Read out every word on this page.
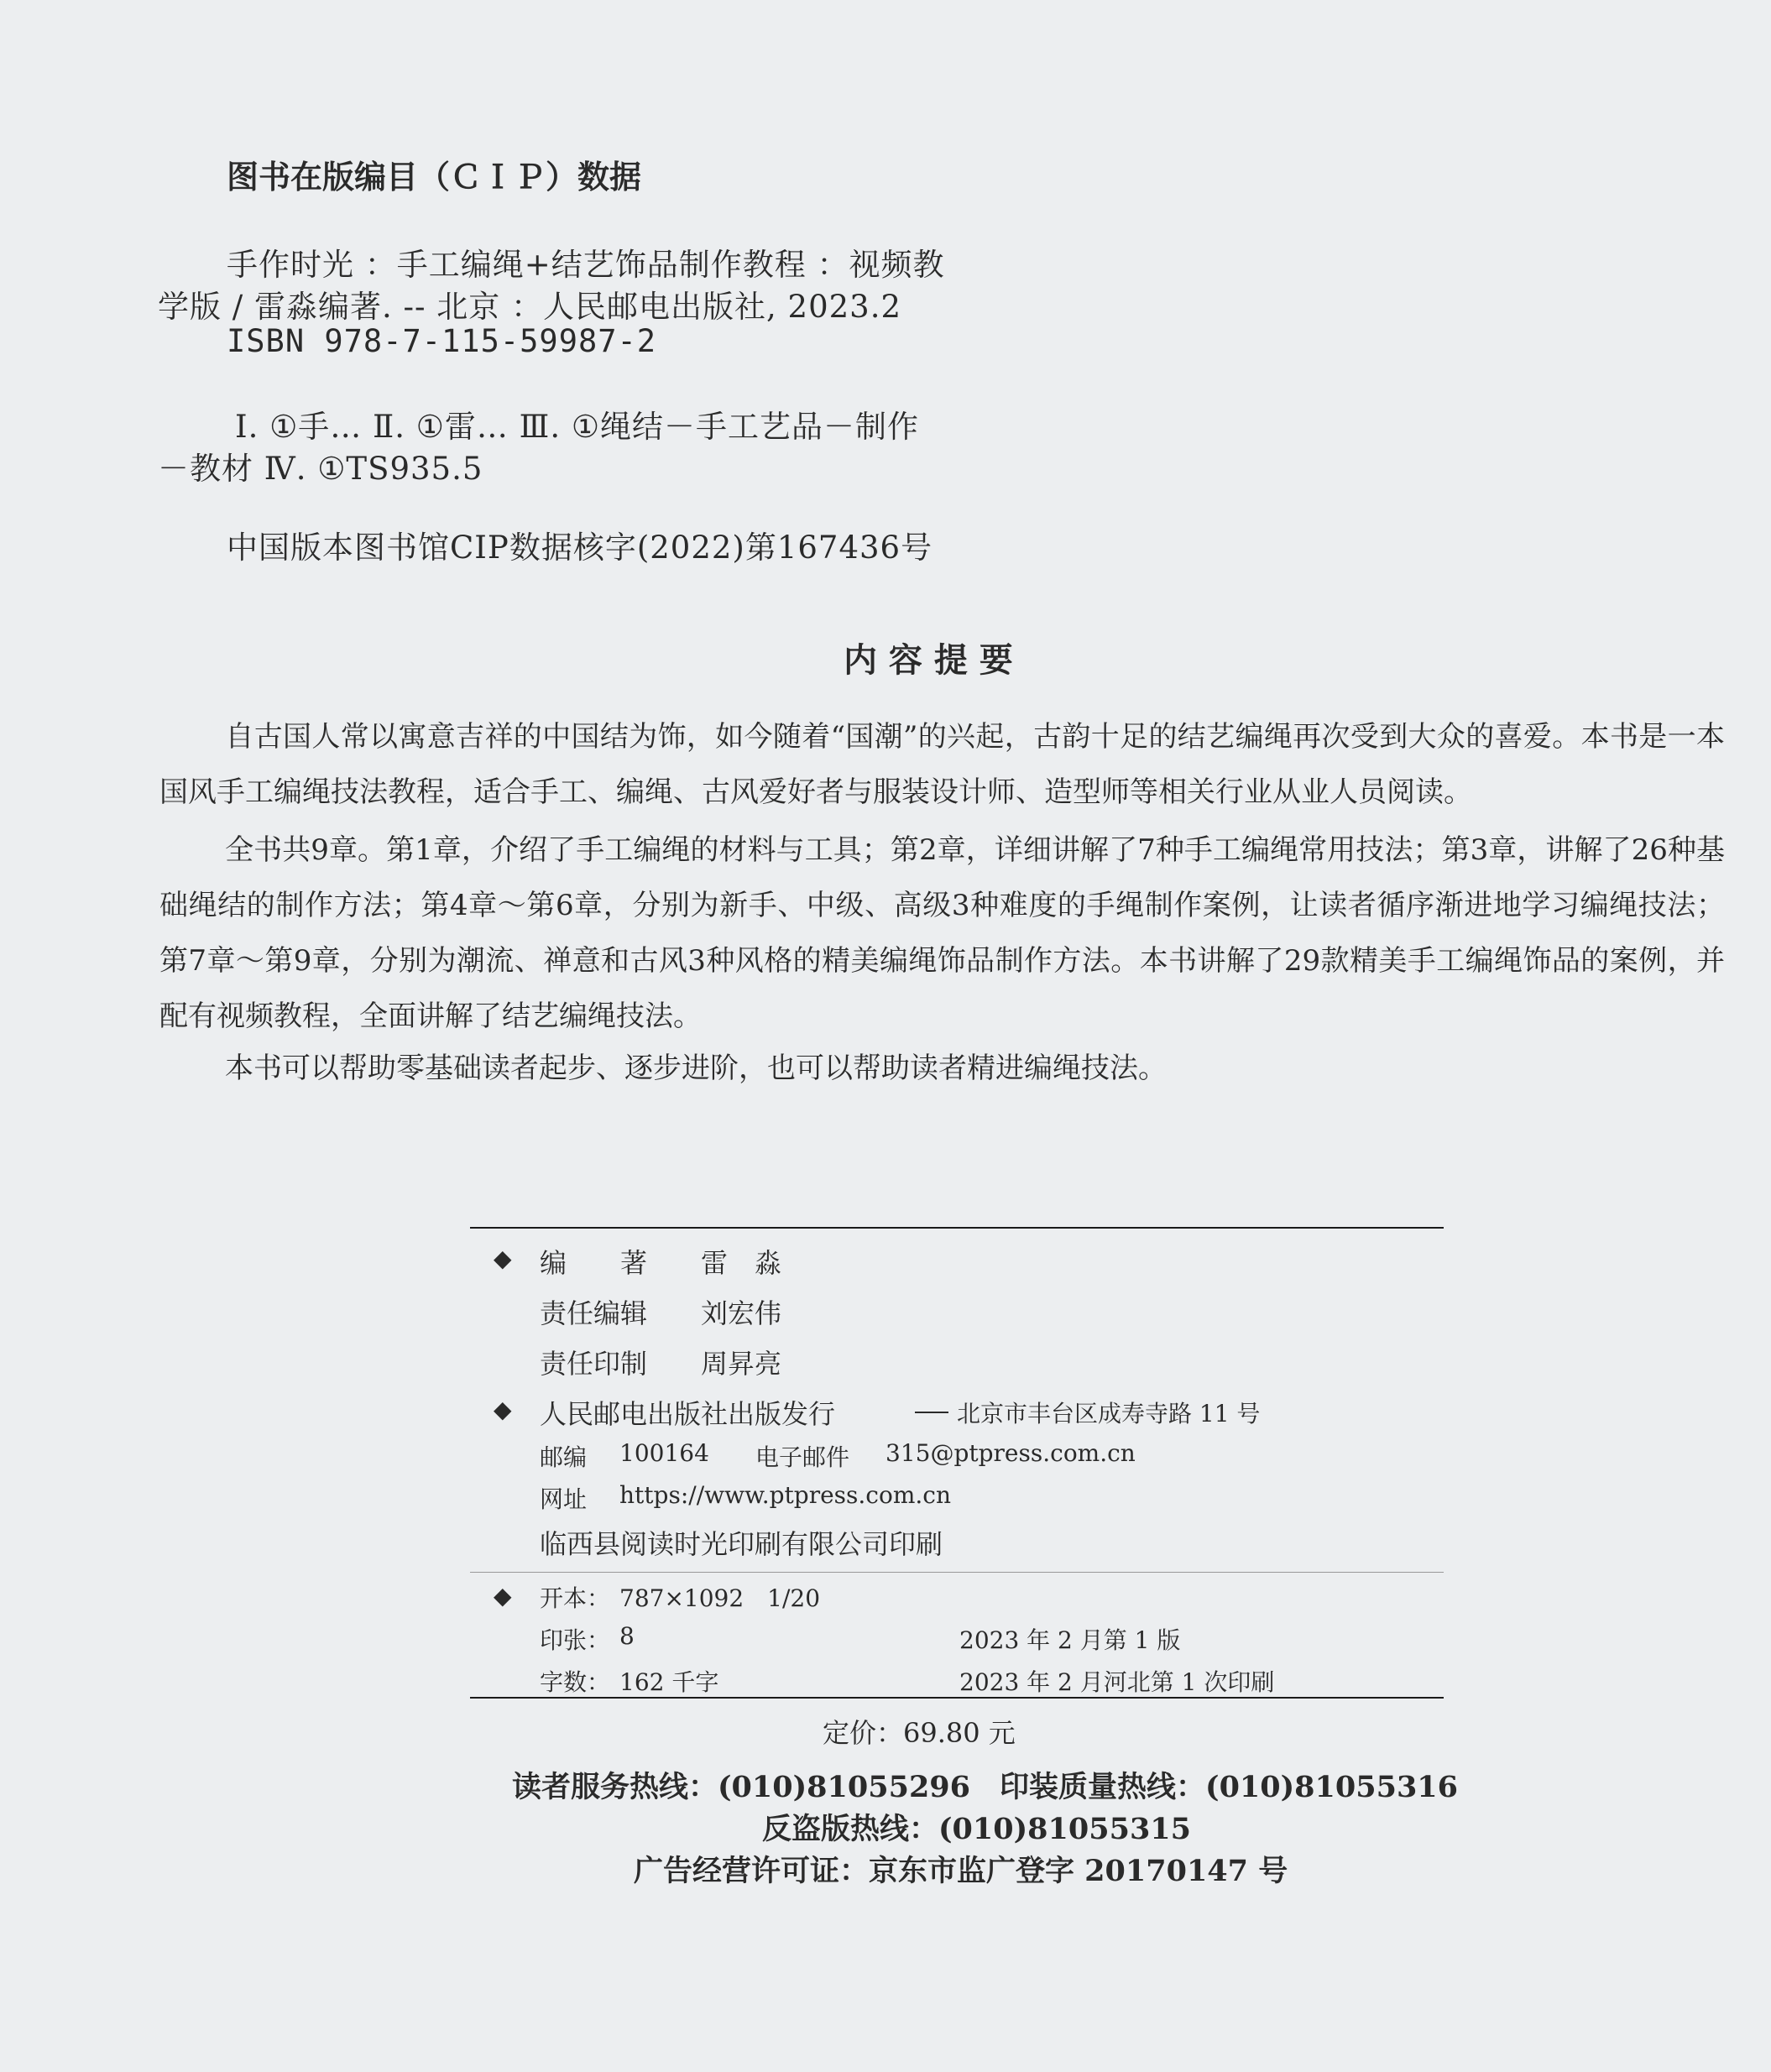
图书在版编目（ＣＩＰ）数据
手作时光 ：手工编绳+结艺饰品制作教程 ：视频教
学版 / 雷淼编著. -- 北京 ：人民邮电出版社, 2023.2
ISBN 978-7-115-59987-2
Ⅰ. ①手… Ⅱ. ①雷… Ⅲ. ①绳结－手工艺品－制作
－教材 Ⅳ. ①TS935.5
中国版本图书馆CIP数据核字(2022)第167436号
内 容 提 要
自古国人常以寓意吉祥的中国结为饰，如今随着“国潮”的兴起，古韵十足的结艺编绳再次受到大众的喜爱。本书是一本国风手工编绳技法教程，适合手工、编绳、古风爱好者与服装设计师、造型师等相关行业从业人员阅读。
全书共9章。第1章，介绍了手工编绳的材料与工具；第2章，详细讲解了7种手工编绳常用技法；第3章，讲解了26种基础绳结的制作方法；第4章～第6章，分别为新手、中级、高级3种难度的手绳制作案例，让读者循序渐进地学习编绳技法；第7章～第9章，分别为潮流、禅意和古风3种风格的精美编绳饰品制作方法。本书讲解了29款精美手工编绳饰品的案例，并配有视频教程，全面讲解了结艺编绳技法。
本书可以帮助零基础读者起步、逐步进阶，也可以帮助读者精进编绳技法。
◆ 编　　著 雷　淼
责任编辑 刘宏伟
责任印制 周昇亮
◆ 人民邮电出版社出版发行	北京市丰台区成寿寺路 11 号
邮编 100164 电子邮件 315@ptpress.com.cn
网址 https://www.ptpress.com.cn
临西县阅读时光印刷有限公司印刷
◆ 开本： 787×1092　1/20
印张： 8	2023 年 2 月第 1 版
字数： 162 千字	2023 年 2 月河北第 1 次印刷
定价：69.80 元
读者服务热线：(010)81055296　印装质量热线：(010)81055316
反盗版热线：(010)81055315
广告经营许可证：京东市监广登字 20170147 号
